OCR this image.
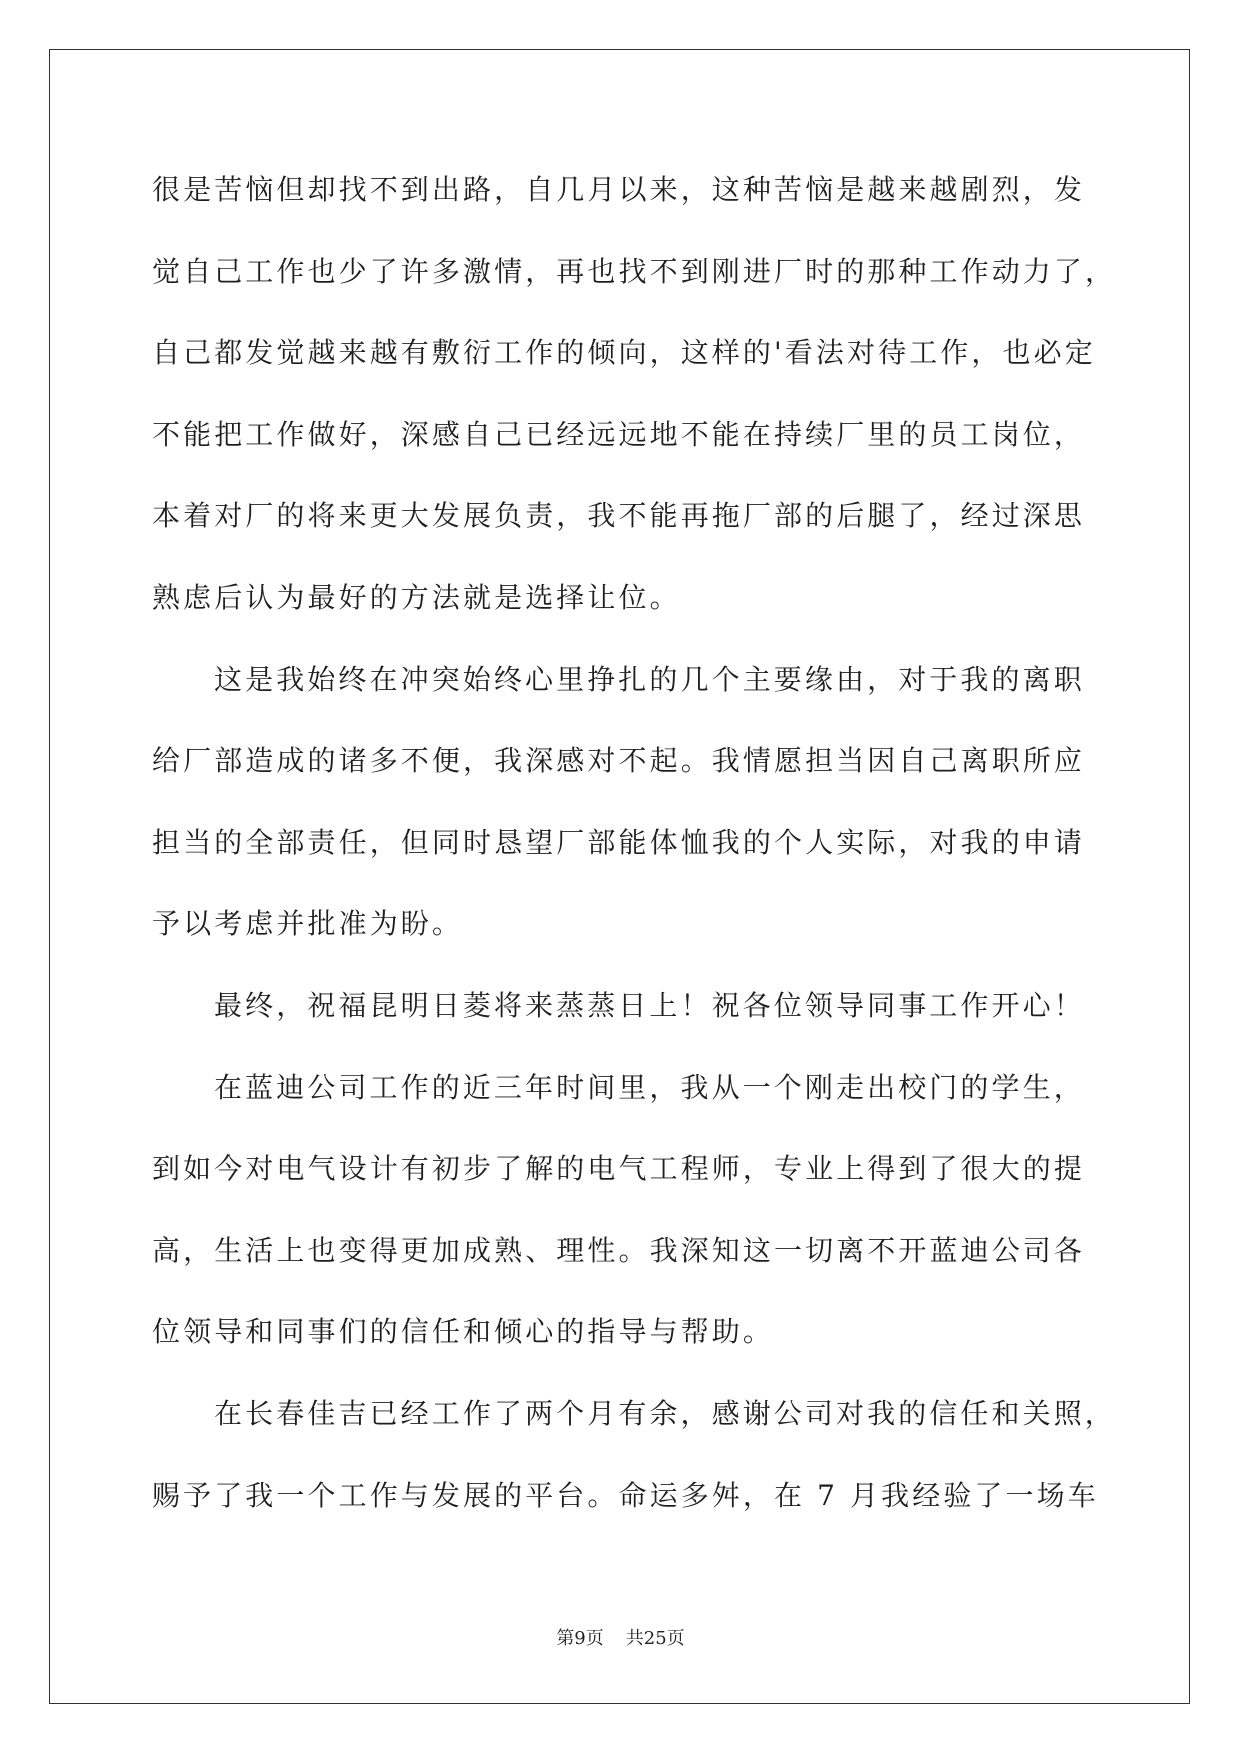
很是苦恼但却找不到出路，自几月以来，这种苦恼是越来越剧烈，发
觉自己工作也少了许多激情，再也找不到刚进厂时的那种工作动力了，
自己都发觉越来越有敷衍工作的倾向，这样的'看法对待工作，也必定
不能把工作做好，深感自己已经远远地不能在持续厂里的员工岗位，
本着对厂的将来更大发展负责，我不能再拖厂部的后腿了，经过深思
熟虑后认为最好的方法就是选择让位。
这是我始终在冲突始终心里挣扎的几个主要缘由，对于我的离职
给厂部造成的诸多不便，我深感对不起。我情愿担当因自己离职所应
担当的全部责任，但同时恳望厂部能体恤我的个人实际，对我的申请
予以考虑并批准为盼。
最终，祝福昆明日菱将来蒸蒸日上！祝各位领导同事工作开心！
在蓝迪公司工作的近三年时间里，我从一个刚走出校门的学生，
到如今对电气设计有初步了解的电气工程师，专业上得到了很大的提
高，生活上也变得更加成熟、理性。我深知这一切离不开蓝迪公司各
位领导和同事们的信任和倾心的指导与帮助。
在长春佳吉已经工作了两个月有余，感谢公司对我的信任和关照，
赐予了我一个工作与发展的平台。命运多舛，在 7 月我经验了一场车
第9页 共25页
